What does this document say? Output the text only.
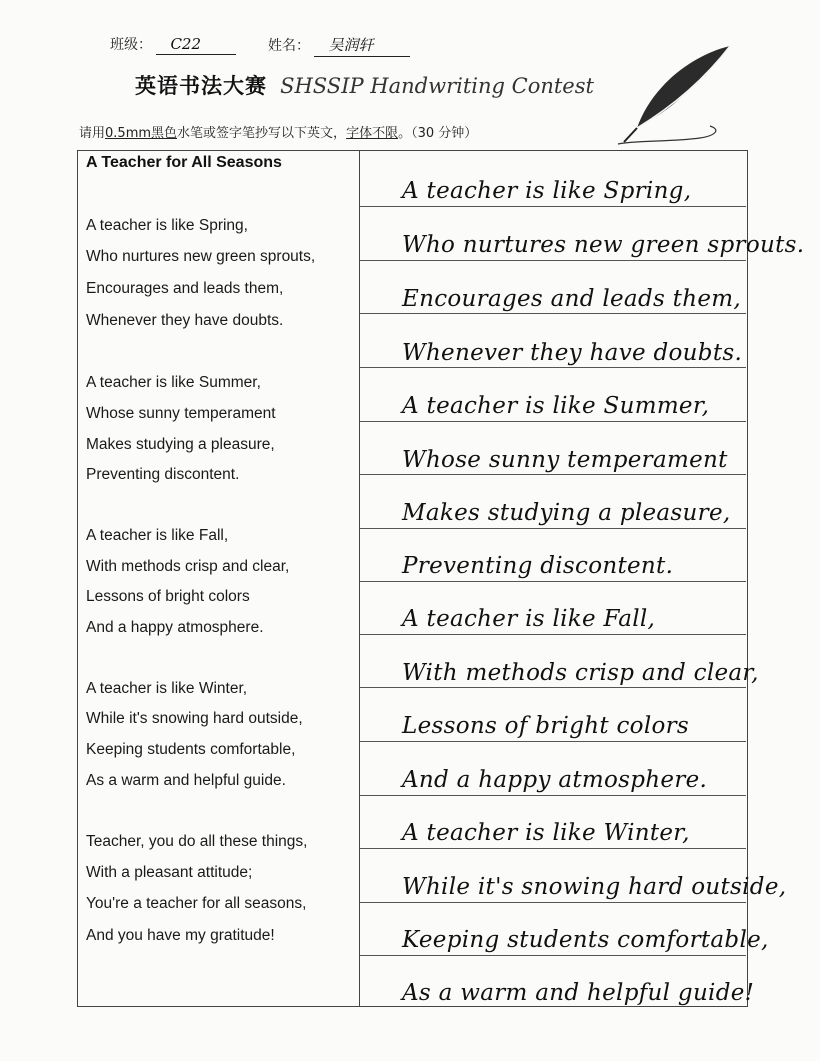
班级： C22	姓名： 吴润轩
英语书法大赛 SHSSIP Handwriting Contest
请用0.5mm黑色水笔或签字笔抄写以下英文，字体不限。（30 分钟）
A Teacher for All Seasons
A teacher is like Spring,
Who nurtures new green sprouts,
Encourages and leads them,
Whenever they have doubts.
A teacher is like Summer,
Whose sunny temperament
Makes studying a pleasure,
Preventing discontent.
A teacher is like Fall,
With methods crisp and clear,
Lessons of bright colors
And a happy atmosphere.
A teacher is like Winter,
While it's snowing hard outside,
Keeping students comfortable,
As a warm and helpful guide.
Teacher, you do all these things,
With a pleasant attitude;
You're a teacher for all seasons,
And you have my gratitude!
A teacher is like Spring,
Who nurtures new green sprouts.
Encourages and leads them,
Whenever they have doubts.
A teacher is like Summer,
Whose sunny temperament
Makes studying a pleasure,
Preventing discontent.
A teacher is like Fall,
With methods crisp and clear,
Lessons of bright colors
And a happy atmosphere.
A teacher is like Winter,
While it's snowing hard outside,
Keeping students comfortable,
As a warm and helpful guide!
